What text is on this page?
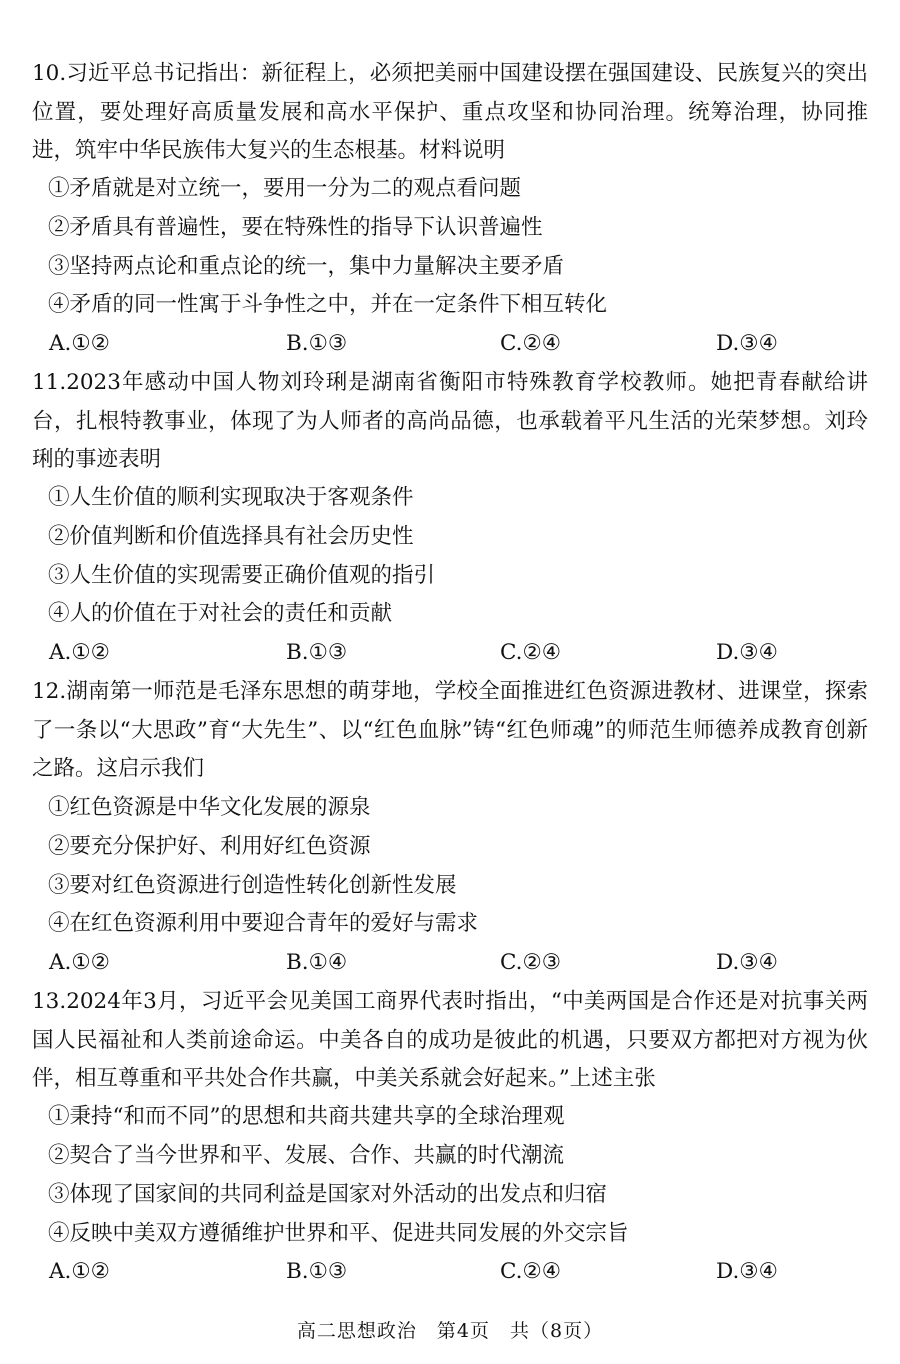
10.习近平总书记指出：新征程上，必须把美丽中国建设摆在强国建设、民族复兴的突出位置，要处理好高质量发展和高水平保护、重点攻坚和协同治理。统筹治理，协同推进，筑牢中华民族伟大复兴的生态根基。材料说明
①矛盾就是对立统一，要用一分为二的观点看问题
②矛盾具有普遍性，要在特殊性的指导下认识普遍性
③坚持两点论和重点论的统一，集中力量解决主要矛盾
④矛盾的同一性寓于斗争性之中，并在一定条件下相互转化
A.①②	B.①③	C.②④	D.③④
11.2023年感动中国人物刘玲琍是湖南省衡阳市特殊教育学校教师。她把青春献给讲台，扎根特教事业，体现了为人师者的高尚品德，也承载着平凡生活的光荣梦想。刘玲琍的事迹表明
①人生价值的顺利实现取决于客观条件
②价值判断和价值选择具有社会历史性
③人生价值的实现需要正确价值观的指引
④人的价值在于对社会的责任和贡献
A.①②	B.①③	C.②④	D.③④
12.湖南第一师范是毛泽东思想的萌芽地，学校全面推进红色资源进教材、进课堂，探索了一条以“大思政”育“大先生”、以“红色血脉”铸“红色师魂”的师范生师德养成教育创新之路。这启示我们
①红色资源是中华文化发展的源泉
②要充分保护好、利用好红色资源
③要对红色资源进行创造性转化创新性发展
④在红色资源利用中要迎合青年的爱好与需求
A.①②	B.①④	C.②③	D.③④
13.2024年3月，习近平会见美国工商界代表时指出，“中美两国是合作还是对抗事关两国人民福祉和人类前途命运。中美各自的成功是彼此的机遇，只要双方都把对方视为伙伴，相互尊重和平共处合作共赢，中美关系就会好起来。”上述主张
①秉持“和而不同”的思想和共商共建共享的全球治理观
②契合了当今世界和平、发展、合作、共赢的时代潮流
③体现了国家间的共同利益是国家对外活动的出发点和归宿
④反映中美双方遵循维护世界和平、促进共同发展的外交宗旨
A.①②	B.①③	C.②④	D.③④
高二思想政治　第4页　共（8页）
